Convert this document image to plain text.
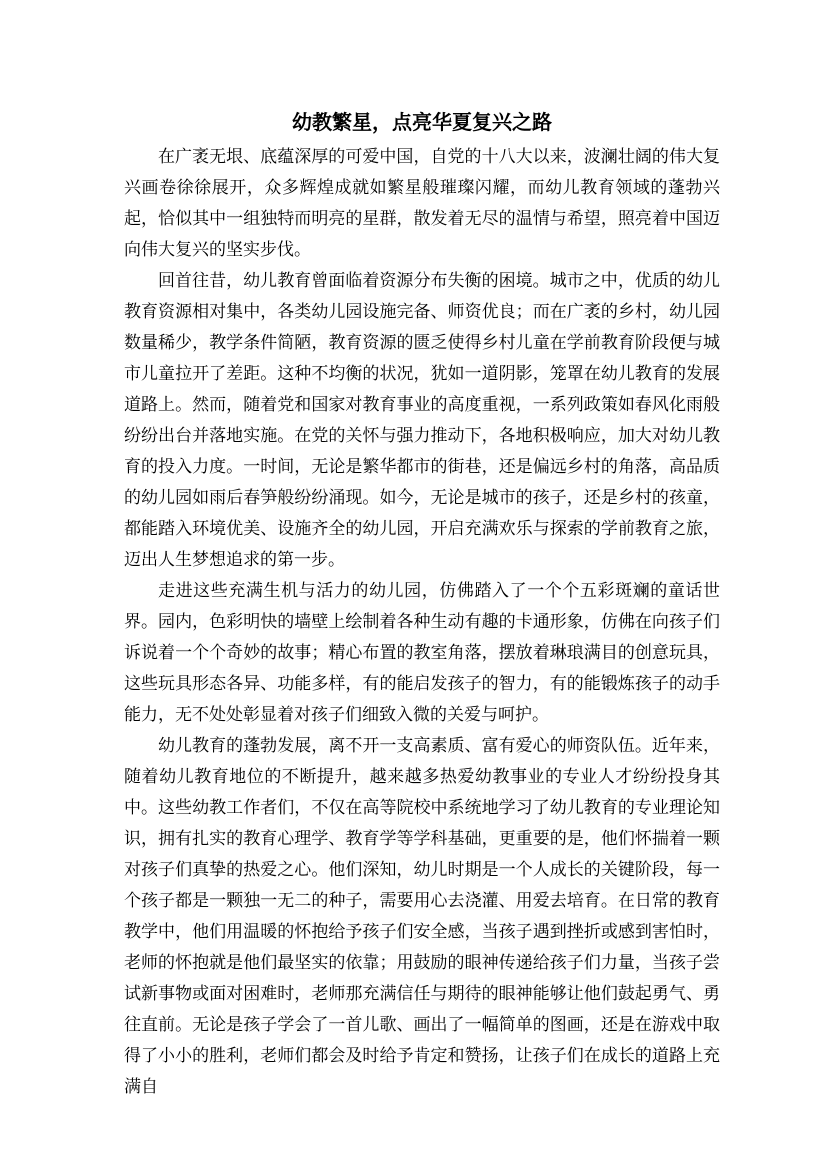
幼教繁星，点亮华夏复兴之路

在广袤无垠、底蕴深厚的可爱中国，自党的十八大以来，波澜壮阔的伟大复兴画卷徐徐展开，众多辉煌成就如繁星般璀璨闪耀，而幼儿教育领域的蓬勃兴起，恰似其中一组独特而明亮的星群，散发着无尽的温情与希望，照亮着中国迈向伟大复兴的坚实步伐。

回首往昔，幼儿教育曾面临着资源分布失衡的困境。城市之中，优质的幼儿教育资源相对集中，各类幼儿园设施完备、师资优良；而在广袤的乡村，幼儿园数量稀少，教学条件简陋，教育资源的匮乏使得乡村儿童在学前教育阶段便与城市儿童拉开了差距。这种不均衡的状况，犹如一道阴影，笼罩在幼儿教育的发展道路上。然而，随着党和国家对教育事业的高度重视，一系列政策如春风化雨般纷纷出台并落地实施。在党的关怀与强力推动下，各地积极响应，加大对幼儿教育的投入力度。一时间，无论是繁华都市的街巷，还是偏远乡村的角落，高品质的幼儿园如雨后春笋般纷纷涌现。如今，无论是城市的孩子，还是乡村的孩童，都能踏入环境优美、设施齐全的幼儿园，开启充满欢乐与探索的学前教育之旅，迈出人生梦想追求的第一步。

走进这些充满生机与活力的幼儿园，仿佛踏入了一个个五彩斑斓的童话世界。园内，色彩明快的墙壁上绘制着各种生动有趣的卡通形象，仿佛在向孩子们诉说着一个个奇妙的故事；精心布置的教室角落，摆放着琳琅满目的创意玩具，这些玩具形态各异、功能多样，有的能启发孩子的智力，有的能锻炼孩子的动手能力，无不处处彰显着对孩子们细致入微的关爱与呵护。

幼儿教育的蓬勃发展，离不开一支高素质、富有爱心的师资队伍。近年来，随着幼儿教育地位的不断提升，越来越多热爱幼教事业的专业人才纷纷投身其中。这些幼教工作者们，不仅在高等院校中系统地学习了幼儿教育的专业理论知识，拥有扎实的教育心理学、教育学等学科基础，更重要的是，他们怀揣着一颗对孩子们真挚的热爱之心。他们深知，幼儿时期是一个人成长的关键阶段，每一个孩子都是一颗独一无二的种子，需要用心去浇灌、用爱去培育。在日常的教育教学中，他们用温暖的怀抱给予孩子们安全感，当孩子遇到挫折或感到害怕时，老师的怀抱就是他们最坚实的依靠；用鼓励的眼神传递给孩子们力量，当孩子尝试新事物或面对困难时，老师那充满信任与期待的眼神能够让他们鼓起勇气、勇往直前。无论是孩子学会了一首儿歌、画出了一幅简单的图画，还是在游戏中取得了小小的胜利，老师们都会及时给予肯定和赞扬，让孩子们在成长的道路上充满自
